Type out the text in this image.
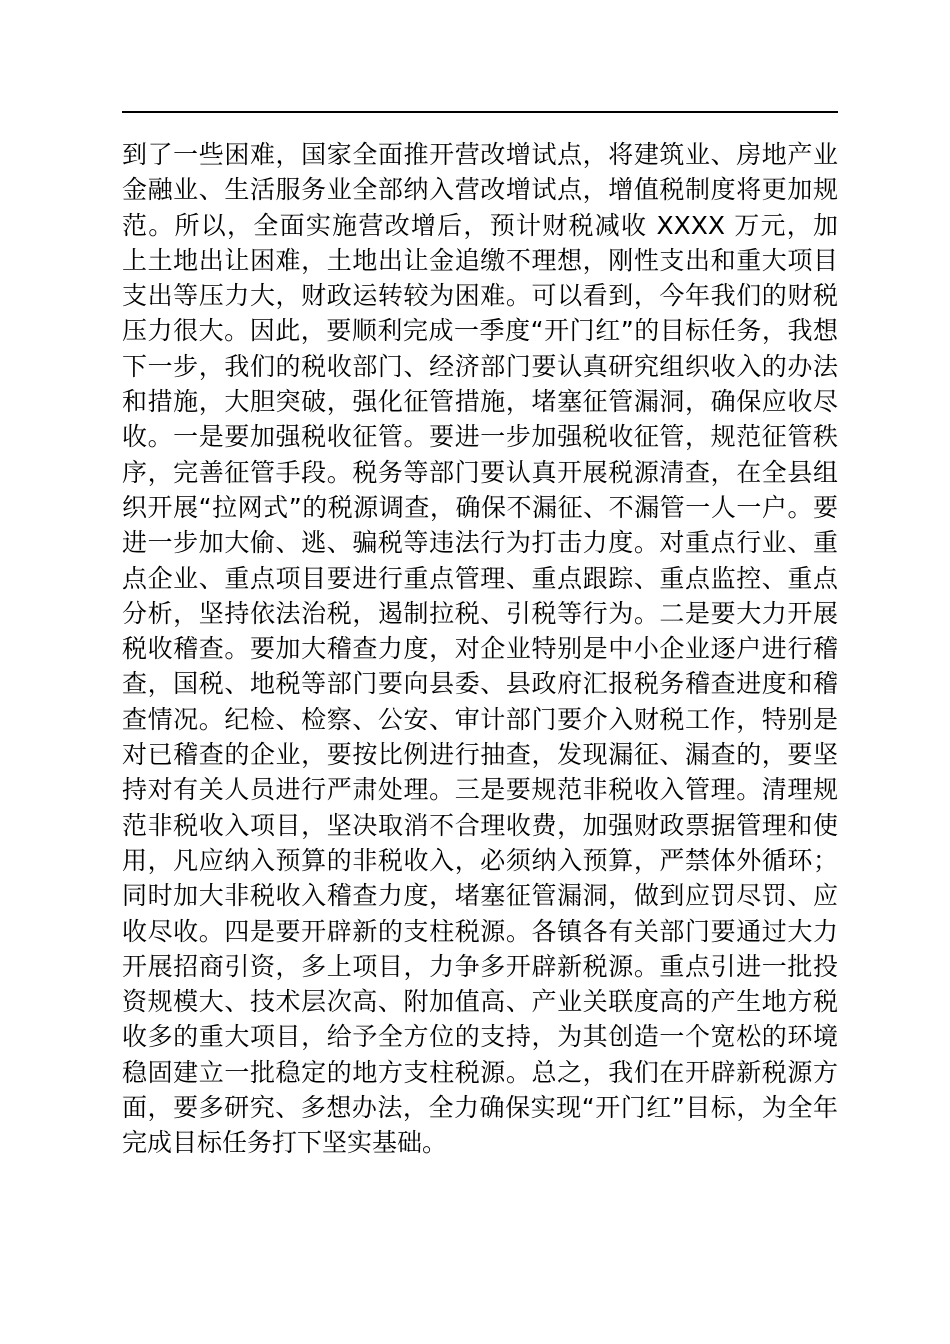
到了一些困难，国家全面推开营改增试点，将建筑业、房地产业
金融业、生活服务业全部纳入营改增试点，增值税制度将更加规
范。所以，全面实施营改增后，预计财税减收 XXXX 万元，加
上土地出让困难，土地出让金追缴不理想，刚性支出和重大项目
支出等压力大，财政运转较为困难。可以看到，今年我们的财税
压力很大。因此，要顺利完成一季度“开门红”的目标任务，我想
下一步，我们的税收部门、经济部门要认真研究组织收入的办法
和措施，大胆突破，强化征管措施，堵塞征管漏洞，确保应收尽
收。一是要加强税收征管。要进一步加强税收征管，规范征管秩
序，完善征管手段。税务等部门要认真开展税源清查，在全县组
织开展“拉网式”的税源调查，确保不漏征、不漏管一人一户。要
进一步加大偷、逃、骗税等违法行为打击力度。对重点行业、重
点企业、重点项目要进行重点管理、重点跟踪、重点监控、重点
分析，坚持依法治税，遏制拉税、引税等行为。二是要大力开展
税收稽查。要加大稽查力度，对企业特别是中小企业逐户进行稽
查，国税、地税等部门要向县委、县政府汇报税务稽查进度和稽
查情况。纪检、检察、公安、审计部门要介入财税工作，特别是
对已稽查的企业，要按比例进行抽查，发现漏征、漏查的，要坚
持对有关人员进行严肃处理。三是要规范非税收入管理。清理规
范非税收入项目，坚决取消不合理收费，加强财政票据管理和使
用，凡应纳入预算的非税收入，必须纳入预算，严禁体外循环；
同时加大非税收入稽查力度，堵塞征管漏洞，做到应罚尽罚、应
收尽收。四是要开辟新的支柱税源。各镇各有关部门要通过大力
开展招商引资，多上项目，力争多开辟新税源。重点引进一批投
资规模大、技术层次高、附加值高、产业关联度高的产生地方税
收多的重大项目，给予全方位的支持，为其创造一个宽松的环境
稳固建立一批稳定的地方支柱税源。总之，我们在开辟新税源方
面，要多研究、多想办法，全力确保实现“开门红”目标，为全年
完成目标任务打下坚实基础。
